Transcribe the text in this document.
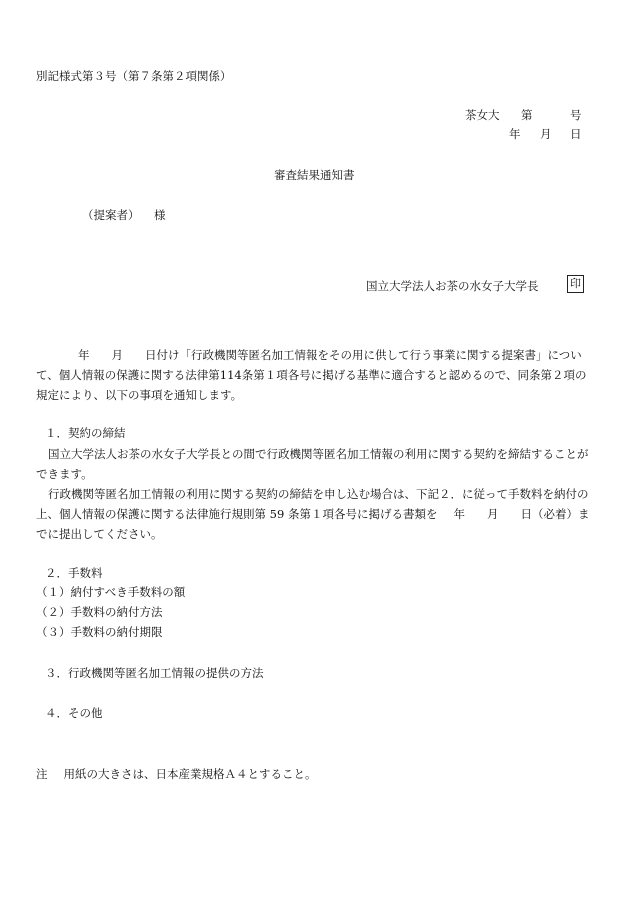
別記様式第３号（第７条第２項関係）
茶女大 第	号
年 月 日
審査結果通知書
（提案者） 様
国立大学法人お茶の水女子大学長	印
年 月 日付け「行政機関等匿名加工情報をその用に供して行う事業に関する提案書」について、個人情報の保護に関する法律第114条第１項各号に掲げる基準に適合すると認めるので、同条第２項の規定により、以下の事項を通知します。
１．契約の締結
国立大学法人お茶の水女子大学長との間で行政機関等匿名加工情報の利用に関する契約を締結することができます。
行政機関等匿名加工情報の利用に関する契約の締結を申し込む場合は、下記２．に従って手数料を納付の上、個人情報の保護に関する法律施行規則第 59 条第１項各号に掲げる書類を 年 月 日（必着）までに提出してください。
２．手数料
（１）納付すべき手数料の額
（２）手数料の納付方法
（３）手数料の納付期限
３．行政機関等匿名加工情報の提供の方法
４．その他
注 用紙の大きさは、日本産業規格Ａ４とすること。
